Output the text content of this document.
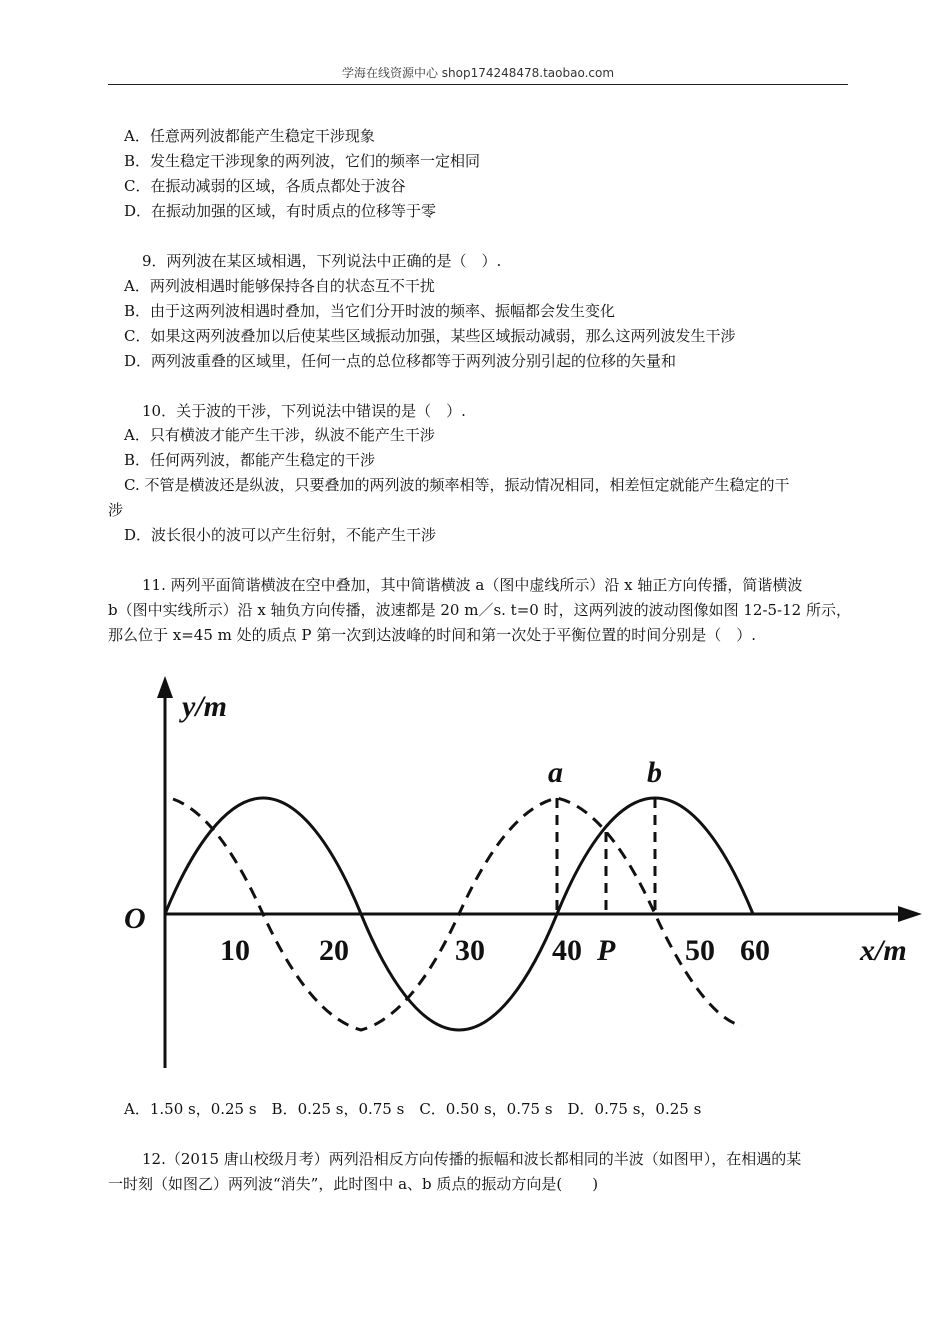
学海在线资源中心 shop174248478.taobao.com
A．任意两列波都能产生稳定干涉现象
B．发生稳定干涉现象的两列波，它们的频率一定相同
C．在振动减弱的区域，各质点都处于波谷
D．在振动加强的区域，有时质点的位移等于零
9．两列波在某区域相遇，下列说法中正确的是（　）.
A．两列波相遇时能够保持各自的状态互不干扰
B．由于这两列波相遇时叠加，当它们分开时波的频率、振幅都会发生变化
C．如果这两列波叠加以后使某些区域振动加强，某些区域振动减弱，那么这两列波发生干涉
D．两列波重叠的区域里，任何一点的总位移都等于两列波分别引起的位移的矢量和
10．关于波的干涉，下列说法中错误的是（　）.
A．只有横波才能产生干涉，纵波不能产生干涉
B．任何两列波，都能产生稳定的干涉
C. 不管是横波还是纵波，只要叠加的两列波的频率相等，振动情况相同，相差恒定就能产生稳定的干
涉
D．波长很小的波可以产生衍射，不能产生干涉
11. 两列平面简谐横波在空中叠加，其中简谐横波 a（图中虚线所示）沿 x 轴正方向传播，简谐横波
b（图中实线所示）沿 x 轴负方向传播，波速都是 20 m／s. t=0 时，这两列波的波动图像如图 12-5-12 所示，
那么位于 x=45 m 处的质点 P 第一次到达波峰的时间和第一次处于平衡位置的时间分别是（　）.
y/m
O
a	b
10 20	30 40 P 50 60	x/m
A．1.50 s，0.25 s　B．0.25 s，0.75 s　C．0.50 s，0.75 s　D．0.75 s，0.25 s
12.（2015 唐山校级月考）两列沿相反方向传播的振幅和波长都相同的半波（如图甲），在相遇的某
一时刻（如图乙）两列波“消失”，此时图中 a、b 质点的振动方向是(　　)
